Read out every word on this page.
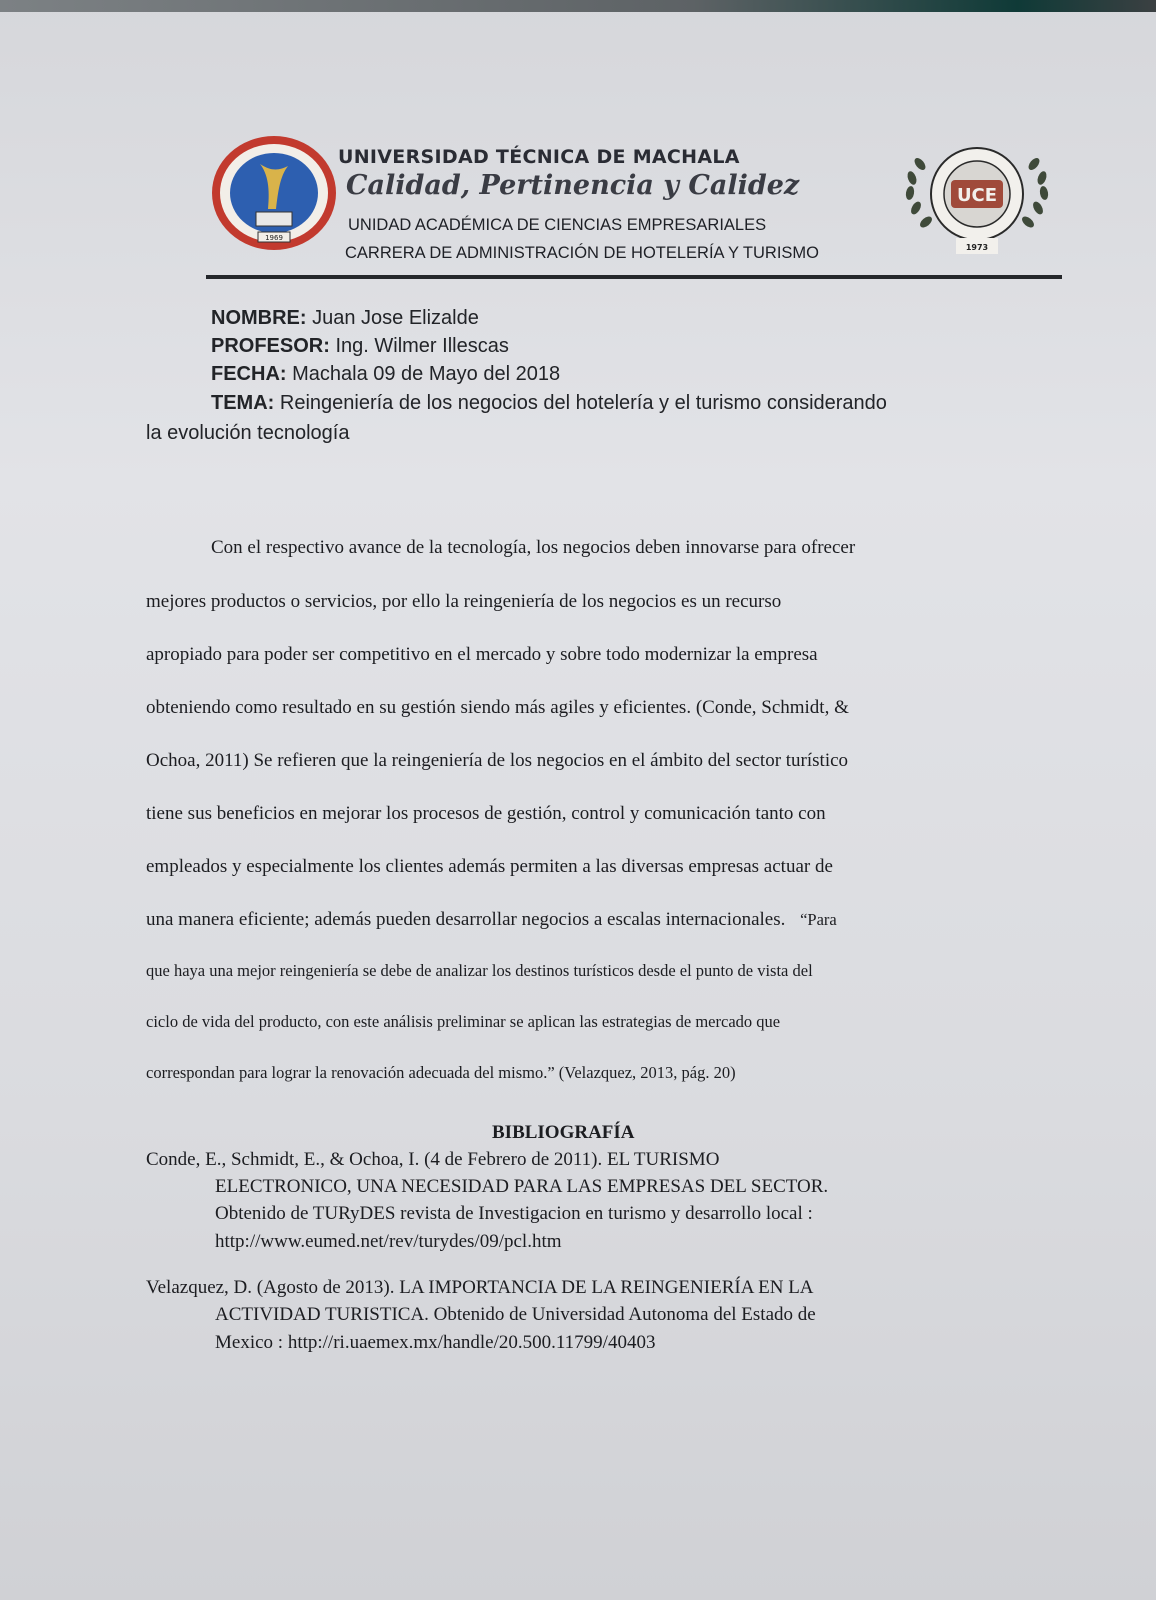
1969
UNIVERSIDAD TÉCNICA DE MACHALA
Calidad, Pertinencia y Calidez
UNIDAD ACADÉMICA DE CIENCIAS EMPRESARIALES
CARRERA DE ADMINISTRACIÓN DE HOTELERÍA Y TURISMO
UCE
1973
NOMBRE: Juan Jose Elizalde
PROFESOR: Ing. Wilmer Illescas
FECHA: Machala 09 de Mayo del 2018
TEMA: Reingeniería de los negocios del hotelería y el turismo considerando
la evolución tecnología
Con el respectivo avance de la tecnología, los negocios deben innovarse para ofrecer
mejores productos o servicios, por ello la reingeniería de los negocios es un recurso
apropiado para poder ser competitivo en el mercado y sobre todo modernizar la empresa
obteniendo como resultado en su gestión siendo más agiles y eficientes. (Conde, Schmidt, &
Ochoa, 2011) Se refieren que la reingeniería de los negocios en el ámbito del sector turístico
tiene sus beneficios en mejorar los procesos de gestión, control y comunicación tanto con
empleados y especialmente los clientes además permiten a las diversas empresas actuar de
una manera eficiente; además pueden desarrollar negocios a escalas internacionales. “Para
que haya una mejor reingeniería se debe de analizar los destinos turísticos desde el punto de vista del
ciclo de vida del producto, con este análisis preliminar se aplican las estrategias de mercado que
correspondan para lograr la renovación adecuada del mismo.” (Velazquez, 2013, pág. 20)
BIBLIOGRAFÍA
Conde, E., Schmidt, E., & Ochoa, I. (4 de Febrero de 2011). EL TURISMO
ELECTRONICO, UNA NECESIDAD PARA LAS EMPRESAS DEL SECTOR.
Obtenido de TURyDES revista de Investigacion en turismo y desarrollo local :
http://www.eumed.net/rev/turydes/09/pcl.htm
Velazquez, D. (Agosto de 2013). LA IMPORTANCIA DE LA REINGENIERÍA EN LA
ACTIVIDAD TURISTICA. Obtenido de Universidad Autonoma del Estado de
Mexico : http://ri.uaemex.mx/handle/20.500.11799/40403
